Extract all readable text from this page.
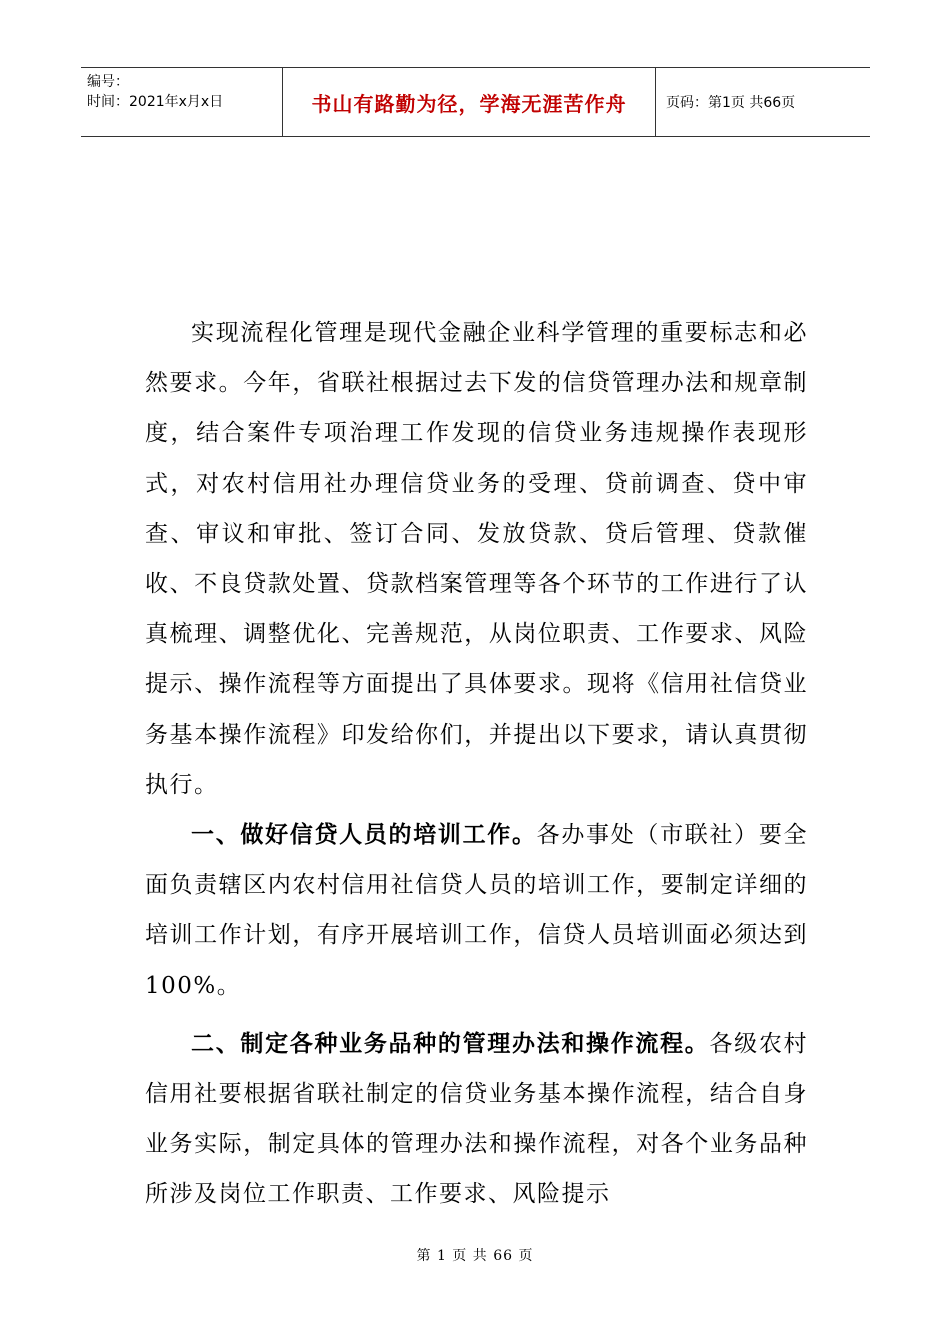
编号：
时间：2021年x月x日	书山有路勤为径，学海无涯苦作舟	页码：第1页 共66页

实现流程化管理是现代金融企业科学管理的重要标志和必然要求。今年，省联社根据过去下发的信贷管理办法和规章制度，结合案件专项治理工作发现的信贷业务违规操作表现形式，对农村信用社办理信贷业务的受理、贷前调查、贷中审查、审议和审批、签订合同、发放贷款、贷后管理、贷款催收、不良贷款处置、贷款档案管理等各个环节的工作进行了认真梳理、调整优化、完善规范，从岗位职责、工作要求、风险提示、操作流程等方面提出了具体要求。现将《信用社信贷业务基本操作流程》印发给你们，并提出以下要求，请认真贯彻执行。

一、做好信贷人员的培训工作。各办事处（市联社）要全面负责辖区内农村信用社信贷人员的培训工作，要制定详细的培训工作计划，有序开展培训工作，信贷人员培训面必须达到100%。

二、制定各种业务品种的管理办法和操作流程。各级农村信用社要根据省联社制定的信贷业务基本操作流程，结合自身业务实际，制定具体的管理办法和操作流程，对各个业务品种所涉及岗位工作职责、工作要求、风险提示

第 1 页 共 66 页
